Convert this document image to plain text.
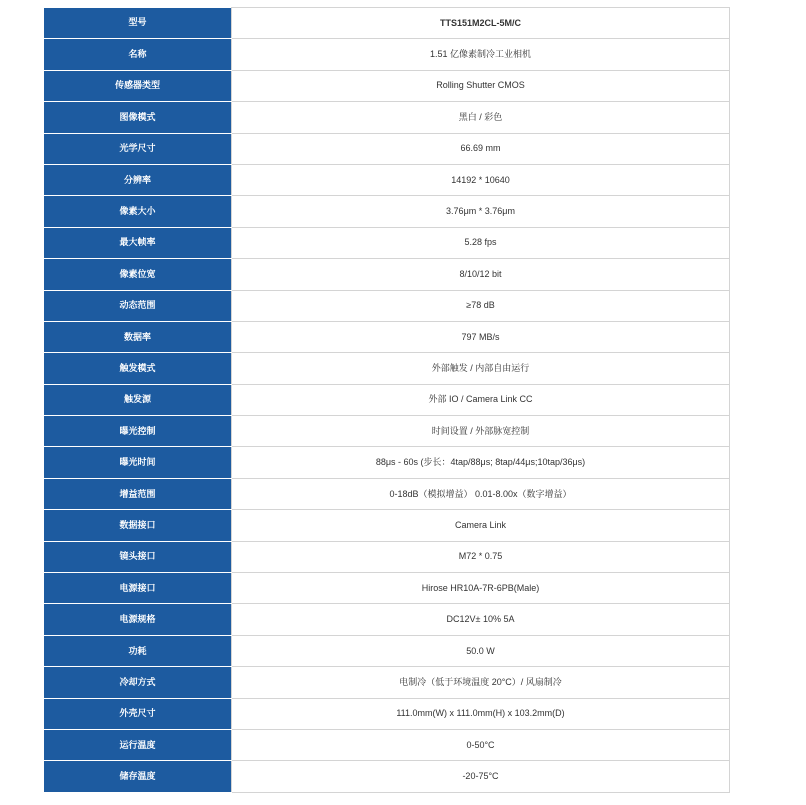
型号	TTS151M2CL-5M/C
名称	1.51 亿像素制冷工业相机
传感器类型	Rolling Shutter CMOS
图像模式	黑白 / 彩色
光学尺寸	66.69 mm
分辨率	14192 * 10640
像素大小	3.76μm * 3.76μm
最大帧率	5.28 fps
像素位宽	8/10/12 bit
动态范围	≥78 dB
数据率	797 MB/s
触发模式	外部触发 / 内部自由运行
触发源	外部 IO / Camera Link CC
曝光控制	时间设置 / 外部脉宽控制
曝光时间	88μs - 60s (步长：4tap/88μs; 8tap/44μs;10tap/36μs)
增益范围	0-18dB（模拟增益） 0.01-8.00x（数字增益）
数据接口	Camera Link
镜头接口	M72 * 0.75
电源接口	Hirose HR10A-7R-6PB(Male)
电源规格	DC12V± 10% 5A
功耗	50.0 W
冷却方式	电制冷（低于环境温度 20°C）/ 风扇制冷
外壳尺寸	111.0mm(W) x 111.0mm(H) x 103.2mm(D)
运行温度	0-50°C
储存温度	-20-75°C
